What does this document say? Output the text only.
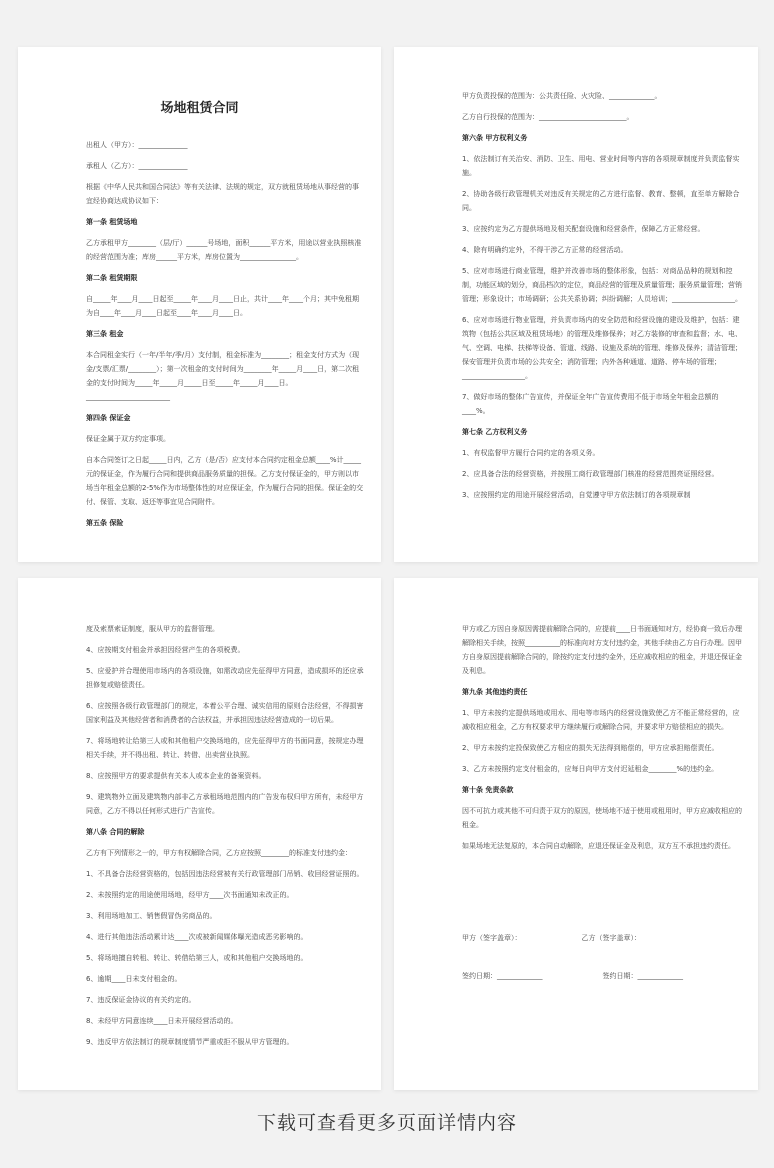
场地租赁合同
出租人（甲方）：______________
承租人（乙方）：______________
根据《中华人民共和国合同法》等有关法律、法规的规定，双方就租赁场地从事经营的事宜经协商达成协议如下：
第一条 租赁场地
乙方承租甲方________（层/厅）______号场地，面积______平方米，用途以营业执照核准的经营范围为准；库房______平方米，库房位置为________________。
第二条 租赁期限
自_____年____月____日起至_____年____月____日止，共计____年____个月；其中免租期为自____年____月____日起至____年____月____日。
第三条 租金
本合同租金实行（一年/半年/季/月）支付制，租金标准为________；租金支付方式为（现金/支票/汇票/________）；第一次租金的支付时间为________年_____月____日，第二次租金的支付时间为_____年_____月_____日至_____年_____月____日。________________________
第四条 保证金
保证金属于双方约定事项。
自本合同签订之日起_____日内，乙方（是/否）应支付本合同约定租金总额____%计_____元的保证金，作为履行合同和提供商品服务质量的担保。乙方支付保证金的，甲方则以市场当年租金总额的2-5%作为市场整体性的对应保证金，作为履行合同的担保。保证金的交付、保管、支取、返还等事宜见合同附件。
第五条 保险
甲方负责投保的范围为：公共责任险、火灾险、_____________。
乙方自行投保的范围为：_________________________。
第六条 甲方权利义务
1、依法制订有关治安、消防、卫生、用电、营业时间等内容的各项规章制度并负责监督实施。
2、协助各级行政管理机关对违反有关规定的乙方进行监督、教育、整顿，直至单方解除合同。
3、应按约定为乙方提供场地及相关配套设施和经营条件，保障乙方正常经营。
4、除有明确约定外，不得干涉乙方正常的经营活动。
5、应对市场进行商业管理，维护并改善市场的整体形象，包括：对商品品种的规划和控制，功能区域的划分，商品档次的定位，商品经营的管理及质量管理；服务质量管理；营销管理；形象设计；市场调研；公共关系协调；纠纷调解；人员培训；__________________。
6、应对市场进行物业管理，并负责市场内的安全防范和经营设施的建设及维护，包括：建筑物（包括公共区域及租赁场地）的管理及维修保养；对乙方装修的审查和监督；水、电、气、空调、电梯、扶梯等设备、管道、线路、设施及系统的管理、维修及保养；清洁管理；保安管理并负责市场的公共安全；消防管理；内外各种通道、道路、停车场的管理；__________________。
7、做好市场的整体广告宣传，并保证全年广告宣传费用不低于市场全年租金总额的____%。
第七条 乙方权利义务
1、有权监督甲方履行合同约定的各项义务。
2、应具备合法的经营资格，并按照工商行政管理部门核准的经营范围亮证照经营。
3、应按照约定的用途开展经营活动，自觉遵守甲方依法制订的各项规章制
度及索票索证制度，服从甲方的监督管理。
4、应按期支付租金并承担因经营产生的各项税费。
5、应爱护并合理使用市场内的各项设施，如需改动应先征得甲方同意，造成损坏的还应承担修复或赔偿责任。
6、应按照各级行政管理部门的规定，本着公平合理、诚实信用的原则合法经营，不得损害国家利益及其他经营者和消费者的合法权益，并承担因违法经营造成的一切后果。
7、将场地转让给第三人或和其他租户交换场地的，应先征得甲方的书面同意，按规定办理相关手续，并不得出租、转让、转借、出卖营业执照。
8、应按照甲方的要求提供有关本人或本企业的备案资料。
9、建筑物外立面及建筑物内部非乙方承租场地范围内的广告发布权归甲方所有，未经甲方同意，乙方不得以任何形式进行广告宣传。
第八条 合同的解除
乙方有下列情形之一的，甲方有权解除合同，乙方应按照________的标准支付违约金：
1、不具备合法经营资格的，包括因违法经营被有关行政管理部门吊销、收回经营证照的。
2、未按照约定的用途使用场地，经甲方____次书面通知未改正的。
3、利用场地加工、销售假冒伪劣商品的。
4、进行其他违法活动累计达____次或被新闻媒体曝光造成恶劣影响的。
5、将场地擅自转租、转让、转借给第三人，或和其他租户交换场地的。
6、逾期____日未支付租金的。
7、违反保证金协议的有关约定的。
8、未经甲方同意连续____日未开展经营活动的。
9、违反甲方依法制订的规章制度情节严重或拒不服从甲方管理的。
甲方或乙方因自身原因需提前解除合同的，应提前____日书面通知对方，经协商一致后办理解除相关手续，按照__________的标准向对方支付违约金，其他手续由乙方自行办理。因甲方自身原因提前解除合同的，除按约定支付违约金外，还应减收相应的租金，并退还保证金及利息。
第九条 其他违约责任
1、甲方未按约定提供场地或用水、用电等市场内的经营设施致使乙方不能正常经营的，应减收相应租金，乙方有权要求甲方继续履行或解除合同，并要求甲方赔偿相应的损失。
2、甲方未按约定投保致使乙方相应的损失无法得到赔偿的，甲方应承担赔偿责任。
3、乙方未按照约定支付租金的，应每日向甲方支付迟延租金________%的违约金。
第十条 免责条款
因不可抗力或其他不可归责于双方的原因，使场地不适于使用或租用时，甲方应减收相应的租金。
如果场地无法复原的，本合同自动解除，应退还保证金及利息，双方互不承担违约责任。
甲方（签字盖章）：	乙方（签字盖章）：
签约日期：_____________	签约日期：_____________
下载可查看更多页面详情内容
